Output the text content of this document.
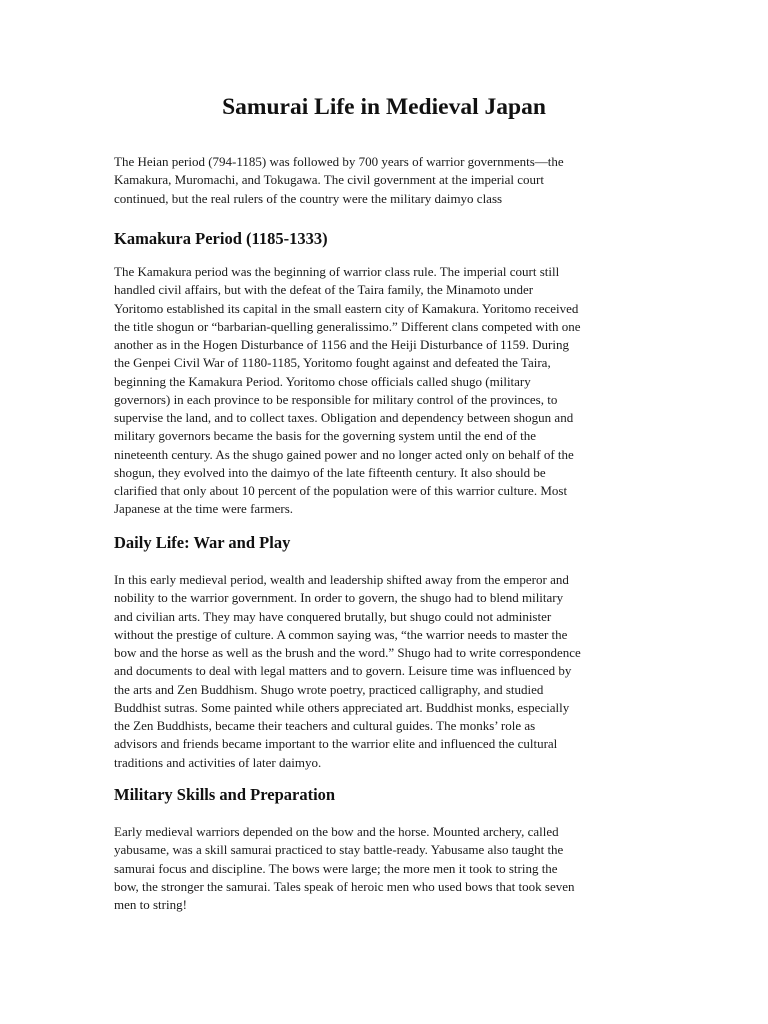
Samurai Life in Medieval Japan
The Heian period (794-1185) was followed by 700 years of warrior governments—the
Kamakura, Muromachi, and Tokugawa. The civil government at the imperial court
continued, but the real rulers of the country were the military daimyo class
Kamakura Period (1185-1333)
The Kamakura period was the beginning of warrior class rule. The imperial court still
handled civil affairs, but with the defeat of the Taira family, the Minamoto under
Yoritomo established its capital in the small eastern city of Kamakura. Yoritomo received
the title shogun or “barbarian-quelling generalissimo.” Different clans competed with one
another as in the Hogen Disturbance of 1156 and the Heiji Disturbance of 1159. During
the Genpei Civil War of 1180-1185, Yoritomo fought against and defeated the Taira,
beginning the Kamakura Period. Yoritomo chose officials called shugo (military
governors) in each province to be responsible for military control of the provinces, to
supervise the land, and to collect taxes. Obligation and dependency between shogun and
military governors became the basis for the governing system until the end of the
nineteenth century. As the shugo gained power and no longer acted only on behalf of the
shogun, they evolved into the daimyo of the late fifteenth century. It also should be
clarified that only about 10 percent of the population were of this warrior culture. Most
Japanese at the time were farmers.
Daily Life: War and Play
In this early medieval period, wealth and leadership shifted away from the emperor and
nobility to the warrior government. In order to govern, the shugo had to blend military
and civilian arts. They may have conquered brutally, but shugo could not administer
without the prestige of culture. A common saying was, “the warrior needs to master the
bow and the horse as well as the brush and the word.” Shugo had to write correspondence
and documents to deal with legal matters and to govern. Leisure time was influenced by
the arts and Zen Buddhism. Shugo wrote poetry, practiced calligraphy, and studied
Buddhist sutras. Some painted while others appreciated art. Buddhist monks, especially
the Zen Buddhists, became their teachers and cultural guides. The monks’ role as
advisors and friends became important to the warrior elite and influenced the cultural
traditions and activities of later daimyo.
Military Skills and Preparation
Early medieval warriors depended on the bow and the horse. Mounted archery, called
yabusame, was a skill samurai practiced to stay battle-ready. Yabusame also taught the
samurai focus and discipline. The bows were large; the more men it took to string the
bow, the stronger the samurai. Tales speak of heroic men who used bows that took seven
men to string!
